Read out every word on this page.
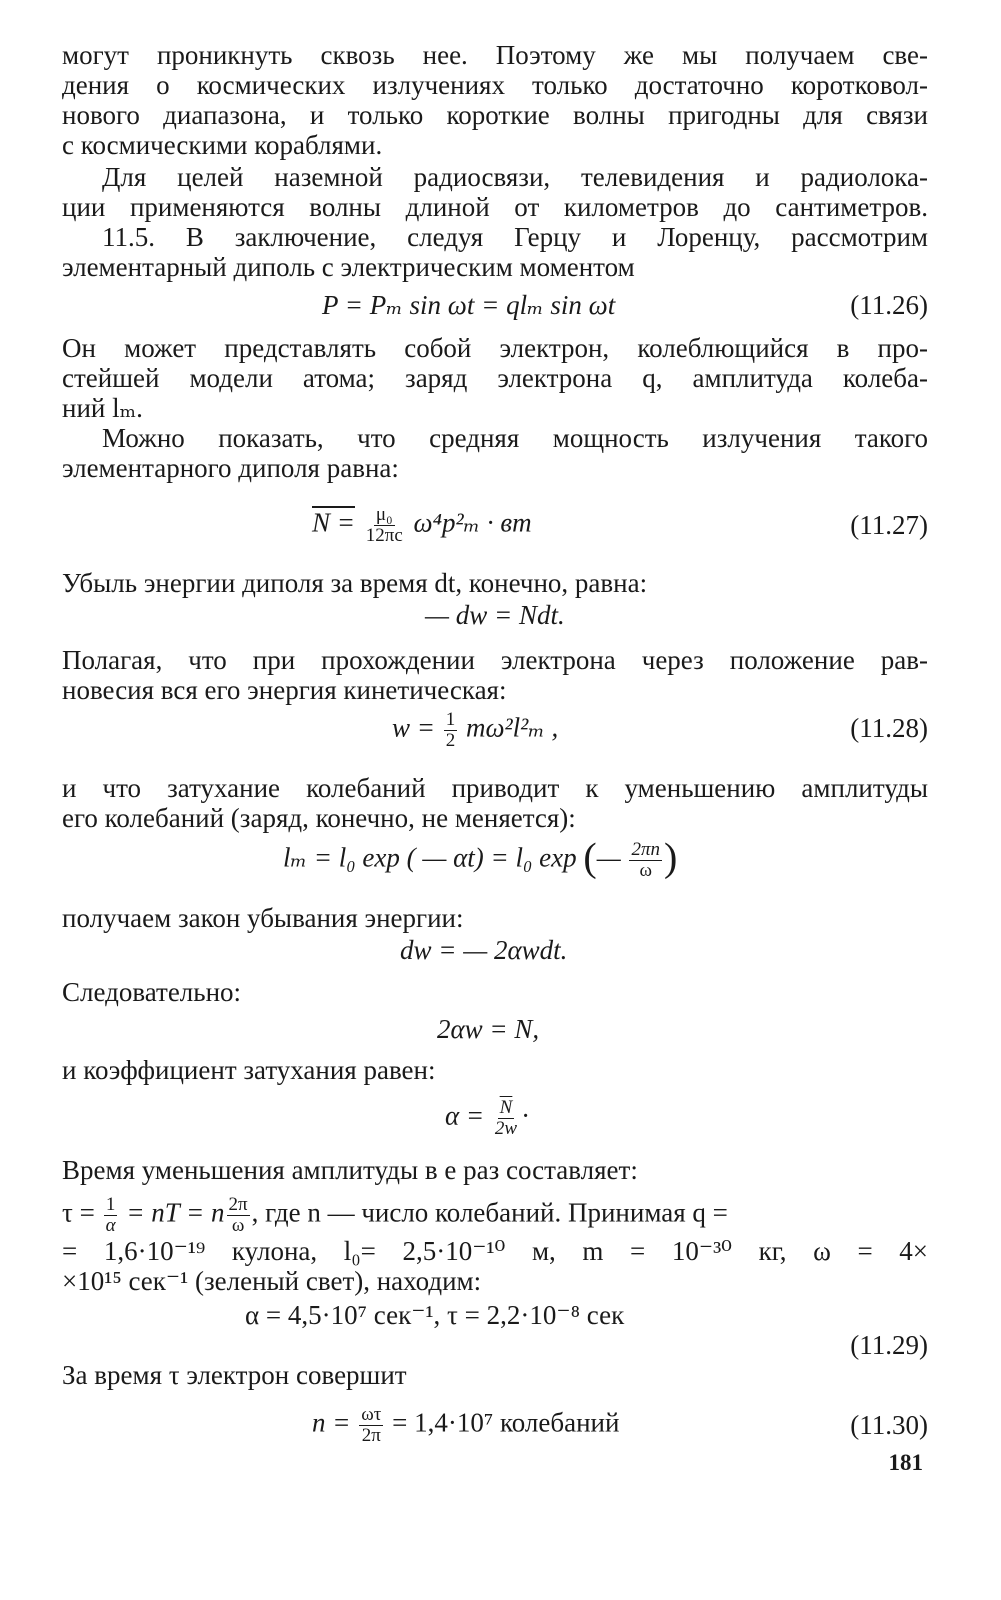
могут проникнуть сквозь нее. Поэтому же мы получаем све-
дения о космических излучениях только достаточно коротковол-
нового диапазона, и только короткие волны пригодны для связи
с космическими кораблями.
Для целей наземной радиосвязи, телевидения и радиолока-
ции применяются волны длиной от километров до сантиметров.
11.5. В заключение, следуя Герцу и Лоренцу, рассмотрим
элементарный диполь с электрическим моментом
P = Pₘ sin ωt = qlₘ sin ωt	(11.26)
Он может представлять собой электрон, колеблющийся в про-
стейшей модели атома; заряд электрона q, амплитуда колеба-
ний lₘ.
Можно показать, что средняя мощность излучения такого
элементарного диполя равна:
$N = \frac{\text{μ₀}}{12\pi c} \omega^4p^2_m$ · вт	(11.27)
Убыль энергии диполя за время dt, конечно, равна:
— dw = Ndt.
Полагая, что при прохождении электрона через положение рав-
новесия вся его энергия кинетическая:
$w = \frac{1}{2} m\omega^2l^2_m$ ,	(11.28)
и что затухание колебаний приводит к уменьшению амплитуды
его колебаний (заряд, конечно, не меняется):
lₘ = l₀ exp ( — αt) = l₀ exp (— $\frac{2\pi n}{\omega}$ )
получаем закон убывания энергии:
dw = — 2αwdt.
Следовательно:
2αw = N,
и коэффициент затухания равен:
$\alpha = \frac{\overline{N}}{2w}$ ·
Время уменьшения амплитуды в e раз составляет:
$\tau = \frac{1}{\alpha}$ = nT = n $\frac{2\pi}{\omega}$ , где n — число колебаний. Принимая q =
= 1,6·10⁻¹⁹ кулона, l₀= 2,5·10⁻¹⁰ м, m = 10⁻³⁰ кг, ω = 4×
×10¹⁵ сек⁻¹ (зеленый свет), находим:
α = 4,5·10⁷ сек⁻¹, τ = 2,2·10⁻⁸ сек
(11.29)
За время τ электрон совершит
$n = \frac{\omega\tau}{2\pi} = 1,4\cdot 10^7$ колебаний	(11.30)
181
